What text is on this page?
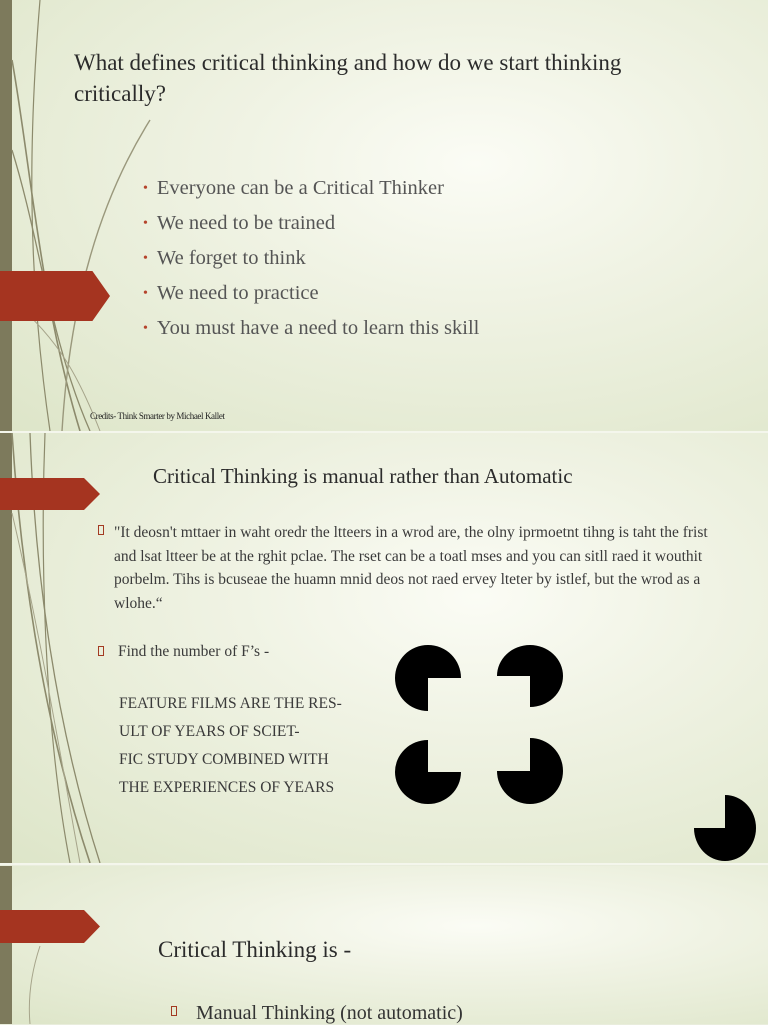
What defines critical thinking and how do we start thinking critically?
• Everyone can be a Critical Thinker
• We need to be trained
• We forget to think
• We need to practice
• You must have a need to learn this skill
Credits- Think Smarter by Michael Kallet
Critical Thinking is manual rather than Automatic
"It deosn't mttaer in waht oredr the ltteers in a wrod are, the olny iprmoetnt tihng is taht the frist and lsat ltteer be at the rghit pclae. The rset can be a toatl mses and you can sitll raed it wouthit porbelm. Tihs is bcuseae the huamn mnid deos not raed ervey lteter by istlef, but the wrod as a wlohe.“
Find the number of F’s -
FEATURE FILMS ARE THE RES-
ULT OF YEARS OF SCIET-
FIC STUDY COMBINED WITH
THE EXPERIENCES OF YEARS
Critical Thinking is -
Manual Thinking (not automatic)
